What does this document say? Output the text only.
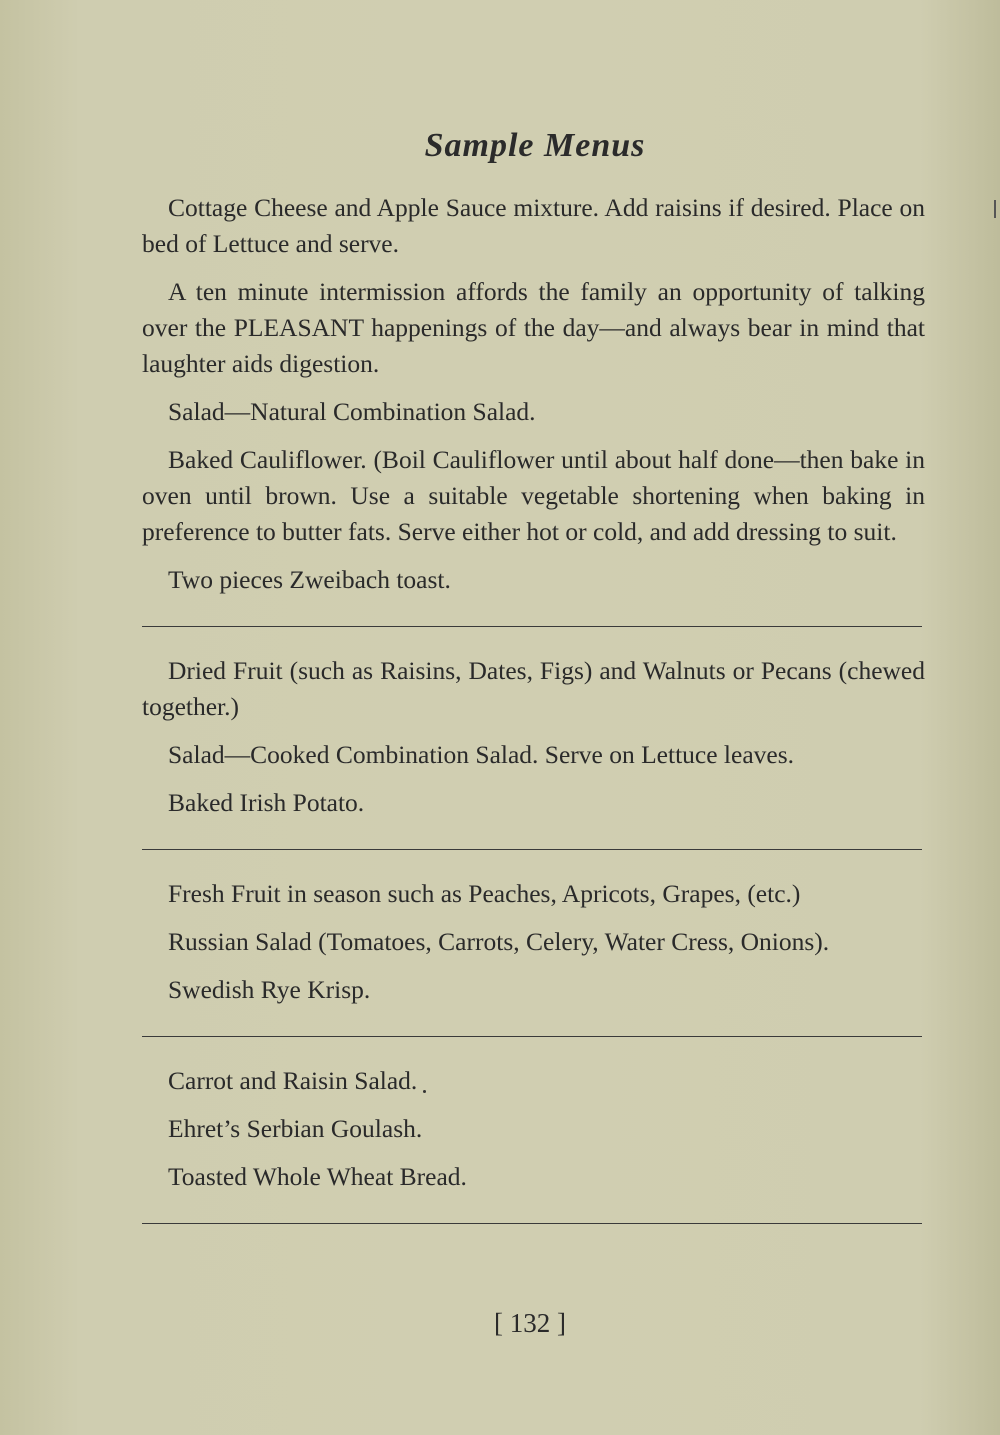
Sample Menus

Cottage Cheese and Apple Sauce mixture. Add raisins if desired. Place on bed of Lettuce and serve.

A ten minute intermission affords the family an opportunity of talking over the PLEASANT happenings of the day—and always bear in mind that laughter aids digestion.

Salad—Natural Combination Salad.

Baked Cauliflower. (Boil Cauliflower until about half done—then bake in oven until brown. Use a suitable vegetable shortening when baking in preference to butter fats. Serve either hot or cold, and add dressing to suit.

Two pieces Zweibach toast.

Dried Fruit (such as Raisins, Dates, Figs) and Walnuts or Pecans (chewed together.)

Salad—Cooked Combination Salad. Serve on Lettuce leaves.

Baked Irish Potato.

Fresh Fruit in season such as Peaches, Apricots, Grapes, (etc.)

Russian Salad (Tomatoes, Carrots, Celery, Water Cress, Onions).

Swedish Rye Krisp.

Carrot and Raisin Salad.

Ehret’s Serbian Goulash.

Toasted Whole Wheat Bread.

[ 132 ]
